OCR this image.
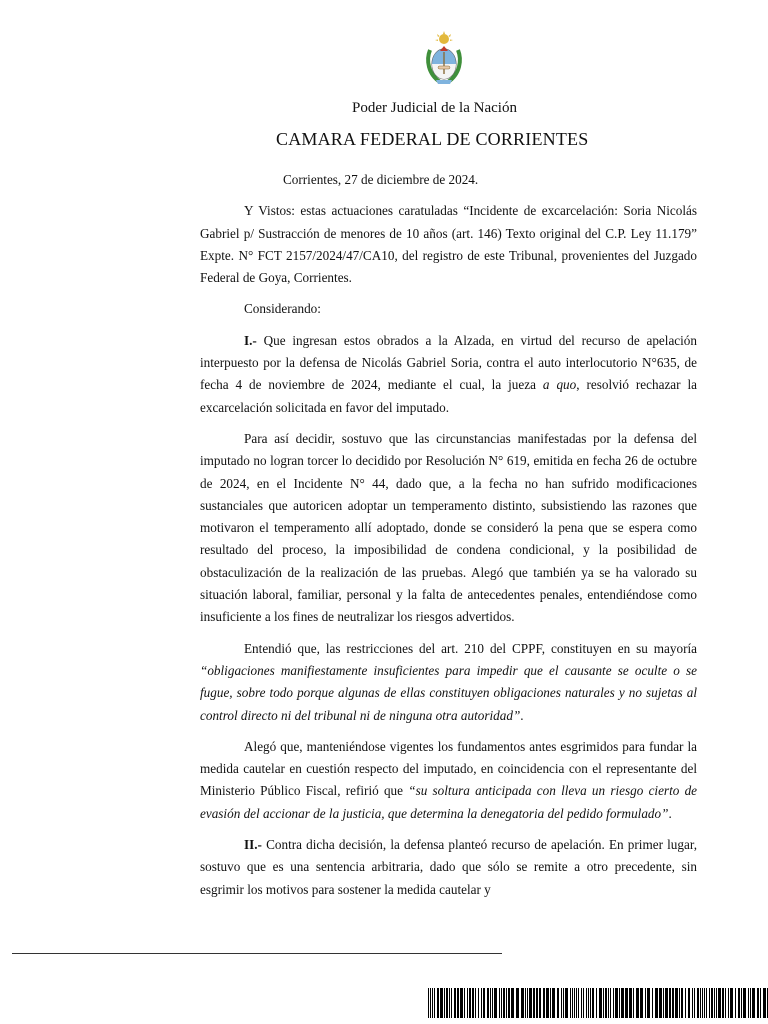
Poder Judicial de la Nación
CAMARA FEDERAL DE CORRIENTES

Corrientes, 27 de diciembre de 2024.

Y Vistos: estas actuaciones caratuladas “Incidente de excarcelación: Soria Nicolás Gabriel p/ Sustracción de menores de 10 años (art. 146) Texto original del C.P. Ley 11.179” Expte. N° FCT 2157/2024/47/CA10, del registro de este Tribunal, provenientes del Juzgado Federal de Goya, Corrientes.

Considerando:

I.- Que ingresan estos obrados a la Alzada, en virtud del recurso de apelación interpuesto por la defensa de Nicolás Gabriel Soria, contra el auto interlocutorio N°635, de fecha 4 de noviembre de 2024, mediante el cual, la jueza a quo, resolvió rechazar la excarcelación solicitada en favor del imputado.

Para así decidir, sostuvo que las circunstancias manifestadas por la defensa del imputado no logran torcer lo decidido por Resolución N° 619, emitida en fecha 26 de octubre de 2024, en el Incidente N° 44, dado que, a la fecha no han sufrido modificaciones sustanciales que autoricen adoptar un temperamento distinto, subsistiendo las razones que motivaron el temperamento allí adoptado, donde se consideró la pena que se espera como resultado del proceso, la imposibilidad de condena condicional, y la posibilidad de obstaculización de la realización de las pruebas. Alegó que también ya se ha valorado su situación laboral, familiar, personal y la falta de antecedentes penales, entendiéndose como insuficiente a los fines de neutralizar los riesgos advertidos.

Entendió que, las restricciones del art. 210 del CPPF, constituyen en su mayoría “obligaciones manifiestamente insuficientes para impedir que el causante se oculte o se fugue, sobre todo porque algunas de ellas constituyen obligaciones naturales y no sujetas al control directo ni del tribunal ni de ninguna otra autoridad”.

Alegó que, manteniéndose vigentes los fundamentos antes esgrimidos para fundar la medida cautelar en cuestión respecto del imputado, en coincidencia con el representante del Ministerio Público Fiscal, refirió que “su soltura anticipada con lleva un riesgo cierto de evasión del accionar de la justicia, que determina la denegatoria del pedido formulado”.

II.- Contra dicha decisión, la defensa planteó recurso de apelación. En primer lugar, sostuvo que es una sentencia arbitraria, dado que sólo se remite a otro precedente, sin esgrimir los motivos para sostener la medida cautelar y
